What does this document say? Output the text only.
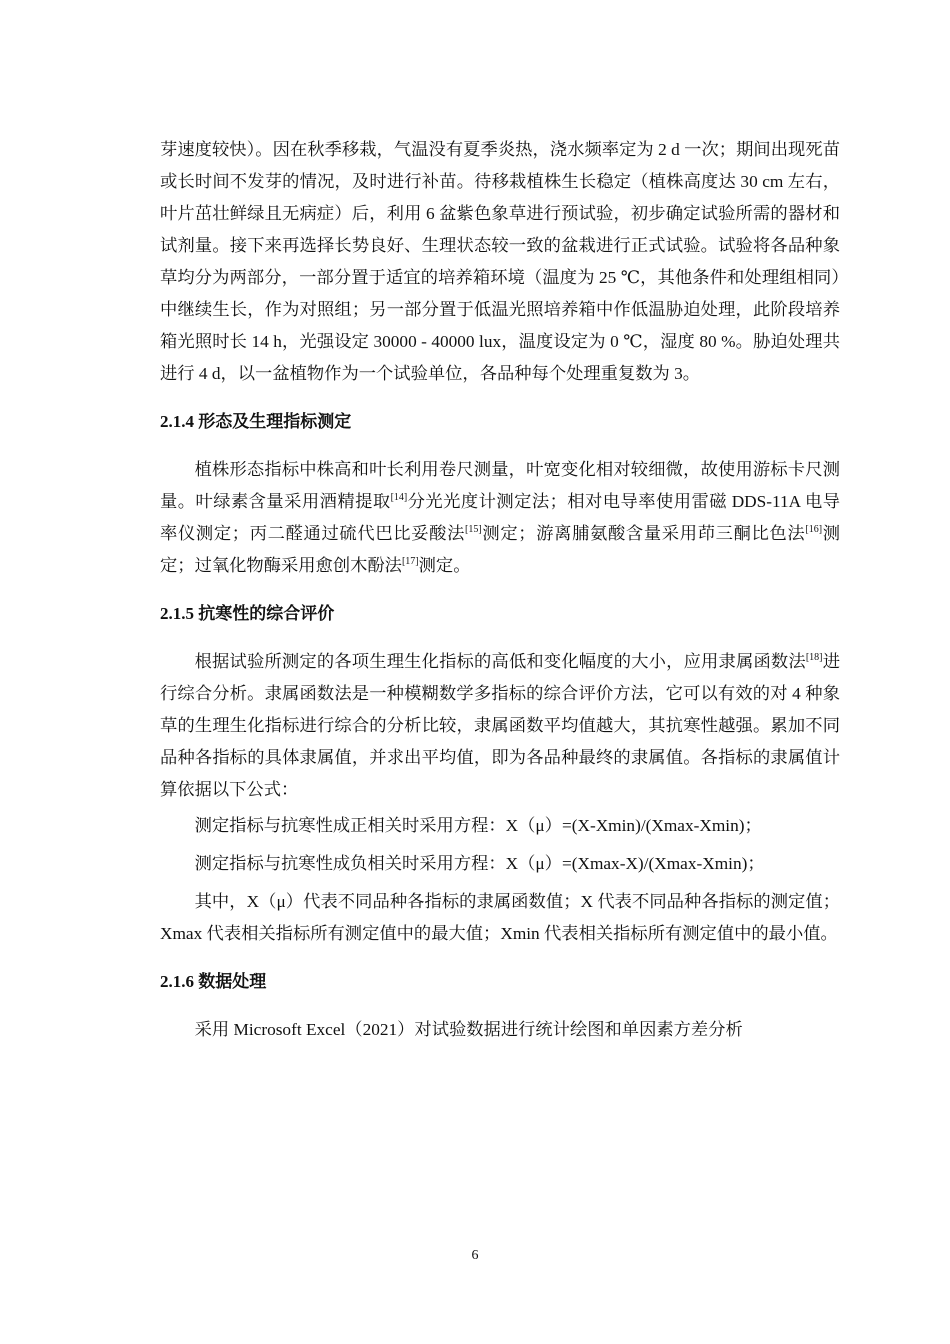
芽速度较快）。因在秋季移栽，气温没有夏季炎热，浇水频率定为 2 d 一次；期间出现死苗或长时间不发芽的情况，及时进行补苗。待移栽植株生长稳定（植株高度达 30 cm 左右，叶片茁壮鲜绿且无病症）后，利用 6 盆紫色象草进行预试验，初步确定试验所需的器材和试剂量。接下来再选择长势良好、生理状态较一致的盆栽进行正式试验。试验将各品种象草均分为两部分，一部分置于适宜的培养箱环境（温度为 25 ℃，其他条件和处理组相同）中继续生长，作为对照组；另一部分置于低温光照培养箱中作低温胁迫处理，此阶段培养箱光照时长 14 h，光强设定 30000 - 40000 lux，温度设定为 0 ℃，湿度 80 %。胁迫处理共进行 4 d，以一盆植物作为一个试验单位，各品种每个处理重复数为 3。

2.1.4 形态及生理指标测定

植株形态指标中株高和叶长利用卷尺测量，叶宽变化相对较细微，故使用游标卡尺测量。叶绿素含量采用酒精提取[14]分光光度计测定法；相对电导率使用雷磁 DDS-11A 电导率仪测定；丙二醛通过硫代巴比妥酸法[15]测定；游离脯氨酸含量采用茚三酮比色法[16]测定；过氧化物酶采用愈创木酚法[17]测定。

2.1.5 抗寒性的综合评价

根据试验所测定的各项生理生化指标的高低和变化幅度的大小，应用隶属函数法[18]进行综合分析。隶属函数法是一种模糊数学多指标的综合评价方法，它可以有效的对 4 种象草的生理生化指标进行综合的分析比较，隶属函数平均值越大，其抗寒性越强。累加不同品种各指标的具体隶属值，并求出平均值，即为各品种最终的隶属值。各指标的隶属值计算依据以下公式：

测定指标与抗寒性成正相关时采用方程：X（μ）=(X-Xmin)/(Xmax-Xmin)；

测定指标与抗寒性成负相关时采用方程：X（μ）=(Xmax-X)/(Xmax-Xmin)；

其中，X（μ）代表不同品种各指标的隶属函数值；X 代表不同品种各指标的测定值；Xmax 代表相关指标所有测定值中的最大值；Xmin 代表相关指标所有测定值中的最小值。

2.1.6 数据处理

采用 Microsoft Excel（2021）对试验数据进行统计绘图和单因素方差分析

6
